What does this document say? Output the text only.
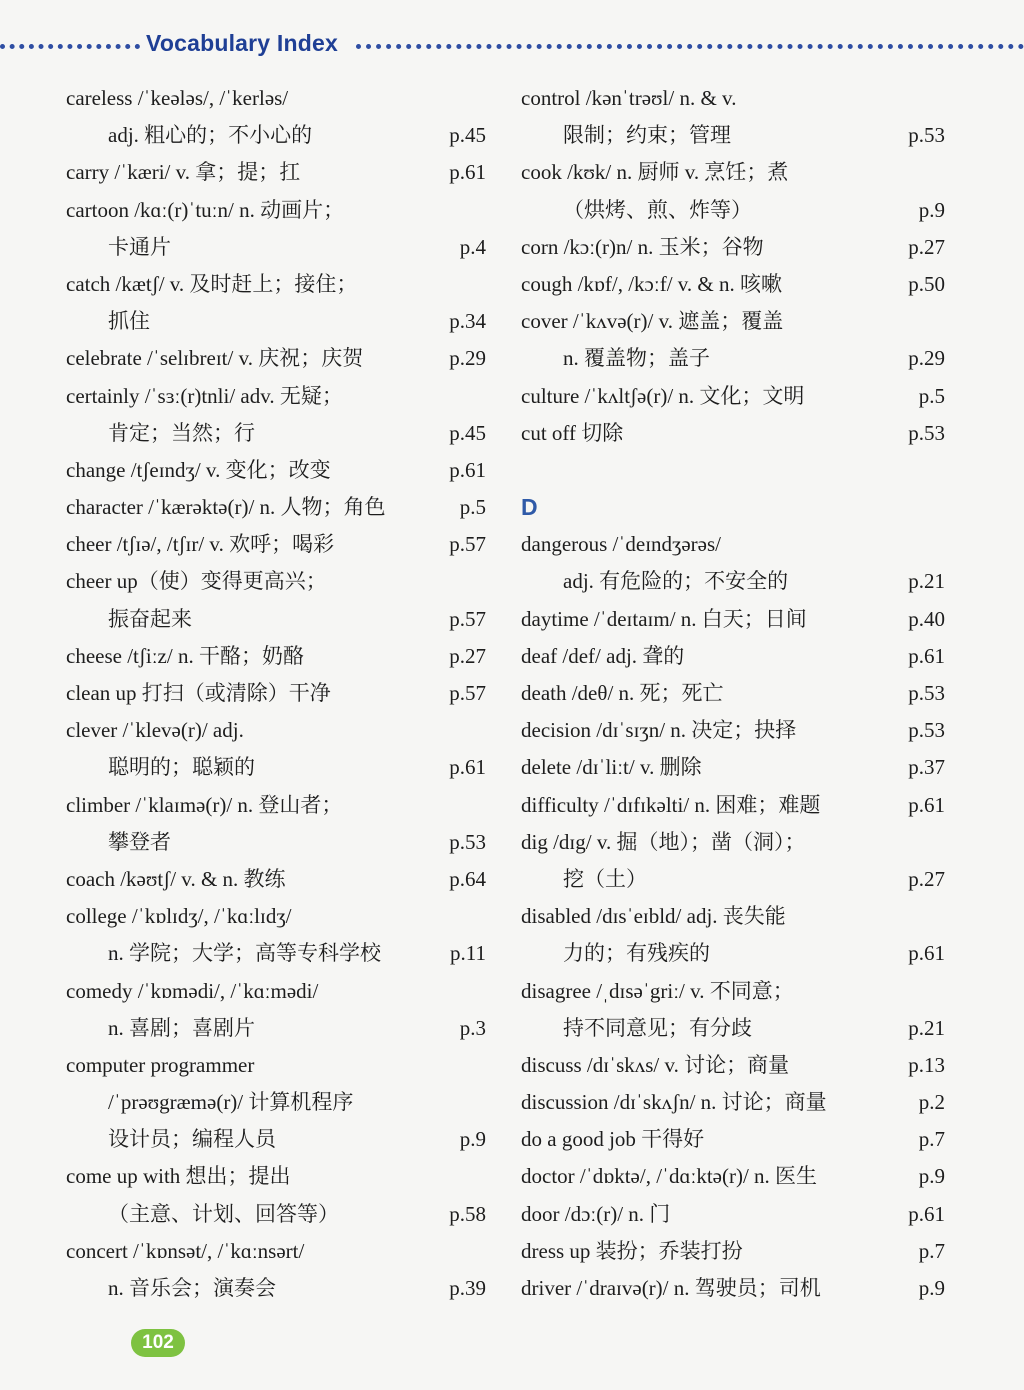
Vocabulary Index
careless /ˈkeələs/, /ˈkerləs/
adj. 粗心的；不小心的	p.45
carry /ˈkæri/ v. 拿；提；扛	p.61
cartoon /kɑː(r)ˈtuːn/ n. 动画片；
卡通片	p.4
catch /kætʃ/ v. 及时赶上；接住；
抓住	p.34
celebrate /ˈselɪbreɪt/ v. 庆祝；庆贺	p.29
certainly /ˈsɜː(r)tnli/ adv. 无疑；
肯定；当然；行	p.45
change /tʃeɪndʒ/ v. 变化；改变	p.61
character /ˈkærəktə(r)/ n. 人物；角色	p.5
cheer /tʃɪə/, /tʃɪr/ v. 欢呼；喝彩	p.57
cheer up（使）变得更高兴；
振奋起来	p.57
cheese /tʃiːz/ n. 干酪；奶酪	p.27
clean up 打扫（或清除）干净	p.57
clever /ˈklevə(r)/ adj.
聪明的；聪颖的	p.61
climber /ˈklaɪmə(r)/ n. 登山者；
攀登者	p.53
coach /kəʊtʃ/ v. & n. 教练	p.64
college /ˈkɒlɪdʒ/, /ˈkɑːlɪdʒ/
n. 学院；大学；高等专科学校	p.11
comedy /ˈkɒmədi/, /ˈkɑːmədi/
n. 喜剧；喜剧片	p.3
computer programmer
/ˈprəʊgræmə(r)/ 计算机程序
设计员；编程人员	p.9
come up with 想出；提出
（主意、计划、回答等）	p.58
concert /ˈkɒnsət/, /ˈkɑːnsərt/
n. 音乐会；演奏会	p.39
control /kənˈtrəʊl/ n. & v.
限制；约束；管理	p.53
cook /kʊk/ n. 厨师 v. 烹饪；煮
（烘烤、煎、炸等）	p.9
corn /kɔː(r)n/ n. 玉米；谷物	p.27
cough /kɒf/, /kɔːf/ v. & n. 咳嗽	p.50
cover /ˈkʌvə(r)/ v. 遮盖；覆盖
n. 覆盖物；盖子	p.29
culture /ˈkʌltʃə(r)/ n. 文化；文明	p.5
cut off 切除	p.53
D
dangerous /ˈdeɪndʒərəs/
adj. 有危险的；不安全的	p.21
daytime /ˈdeɪtaɪm/ n. 白天；日间	p.40
deaf /def/ adj. 聋的	p.61
death /deθ/ n. 死；死亡	p.53
decision /dɪˈsɪʒn/ n. 决定；抉择	p.53
delete /dɪˈliːt/ v. 删除	p.37
difficulty /ˈdɪfɪkəlti/ n. 困难；难题	p.61
dig /dɪg/ v. 掘（地）；凿（洞）；
挖（土）	p.27
disabled /dɪsˈeɪbld/ adj. 丧失能
力的；有残疾的	p.61
disagree /ˌdɪsəˈgriː/ v. 不同意；
持不同意见；有分歧	p.21
discuss /dɪˈskʌs/ v. 讨论；商量	p.13
discussion /dɪˈskʌʃn/ n. 讨论；商量	p.2
do a good job 干得好	p.7
doctor /ˈdɒktə/, /ˈdɑːktə(r)/ n. 医生	p.9
door /dɔː(r)/ n. 门	p.61
dress up 装扮；乔装打扮	p.7
driver /ˈdraɪvə(r)/ n. 驾驶员；司机	p.9
102
